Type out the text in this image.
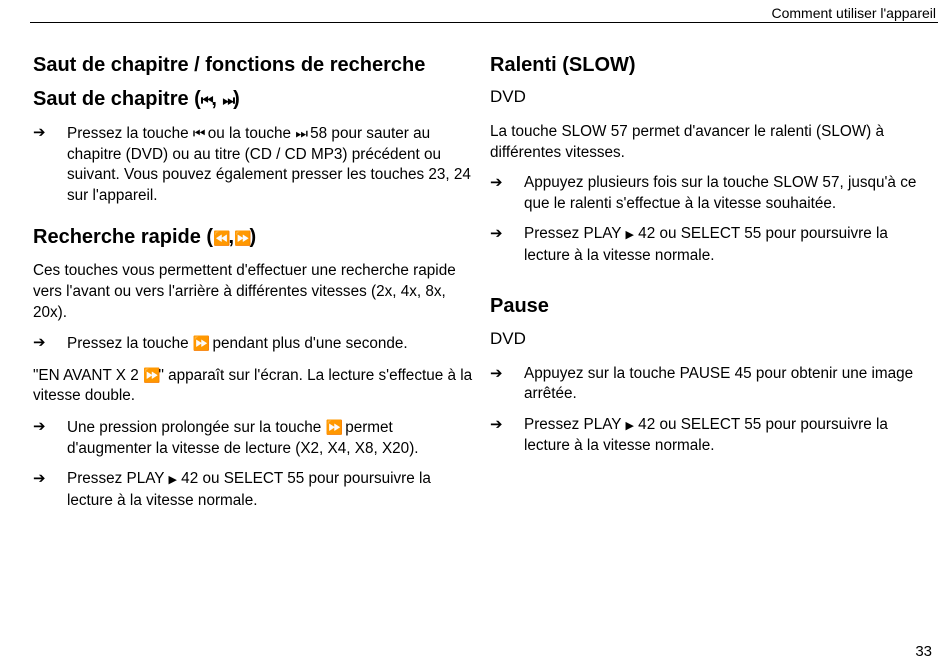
Comment utiliser l'appareil
Saut de chapitre / fonctions de recherche
Saut de chapitre (⏮, ⏭)

➔ Pressez la touche ⏮ ou la touche ⏭ 58 pour sauter au chapitre (DVD) ou au titre (CD / CD MP3) précédent ou suivant. Vous pouvez également presser les touches 23, 24 sur l'appareil.

Recherche rapide (⏪,⏩)

Ces touches vous permettent d'effectuer une recherche rapide vers l'avant ou vers l'arrière à différentes vitesses (2x, 4x, 8x, 20x).

➔ Pressez la touche ⏩ pendant plus d'une seconde.

"EN AVANT X 2 ⏩" apparaît sur l'écran. La lecture s'effectue à la vitesse double.

➔ Une pression prolongée sur la touche ⏩ permet d'augmenter la vitesse de lecture (X2, X4, X8, X20).

➔ Pressez PLAY ▶ 42 ou SELECT 55 pour poursuivre la lecture à la vitesse normale.

Ralenti (SLOW)
DVD

La touche SLOW 57 permet d'avancer le ralenti (SLOW) à différentes vitesses.

➔ Appuyez plusieurs fois sur la touche SLOW 57, jusqu'à ce que le ralenti s'effectue à la vitesse souhaitée.

➔ Pressez PLAY ▶ 42 ou SELECT 55 pour poursuivre la lecture à la vitesse normale.

Pause
DVD

➔ Appuyez sur la touche PAUSE 45 pour obtenir une image arrêtée.

➔ Pressez PLAY ▶ 42 ou SELECT 55 pour poursuivre la lecture à la vitesse normale.

33
